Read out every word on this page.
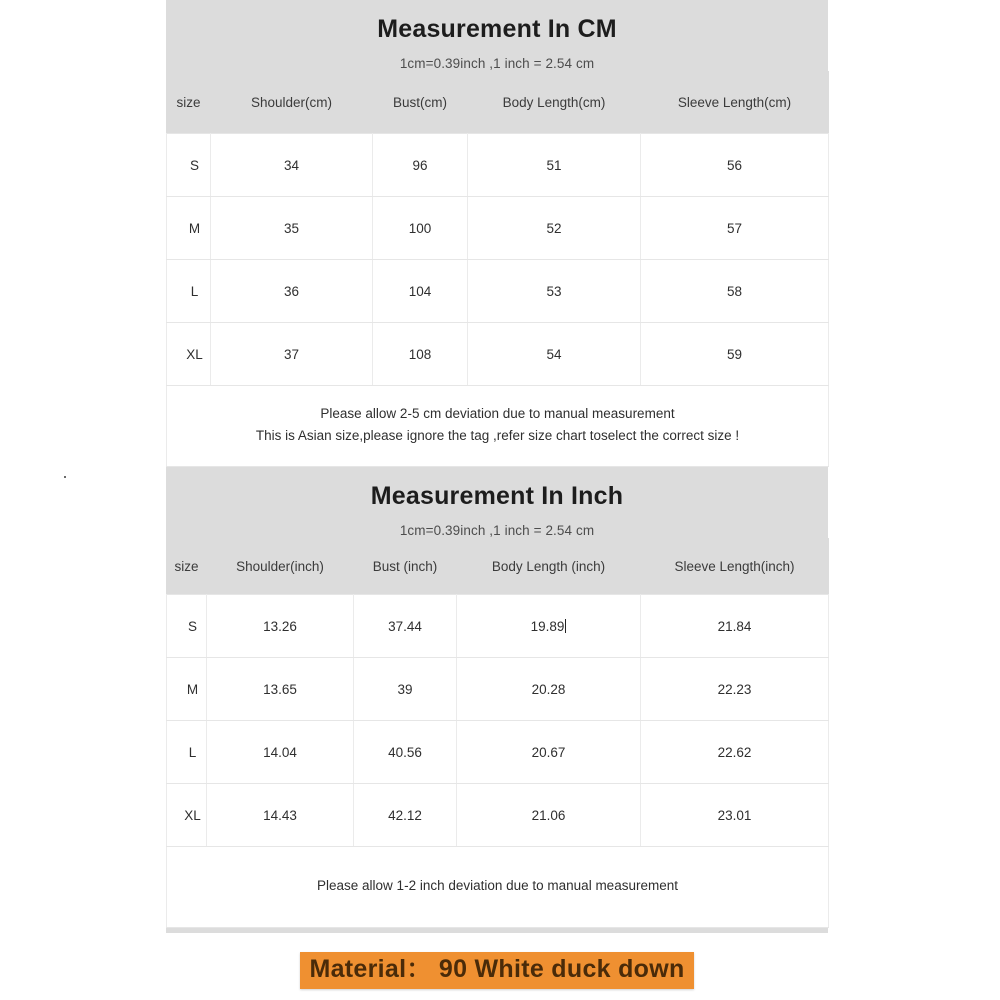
Measurement In CM
1cm=0.39inch ,1 inch = 2.54 cm
size	Shoulder(cm)	Bust(cm)	Body Length(cm)	Sleeve Length(cm)
S	34	96	51	56
M	35	100	52	57
L	36	104	53	58
XL	37	108	54	59

Please allow 2-5 cm deviation due to manual measurement
This is Asian size,please ignore the tag ,refer size chart toselect the correct size !				
Measurement In Inch
1cm=0.39inch ,1 inch = 2.54 cm
size	Shoulder(inch)	Bust (inch)	Body Length (inch)	Sleeve Length(inch)
S	13.26	37.44	19.89	21.84
M	13.65	39	20.28	22.23
L	14.04	40.56	20.67	22.62
XL	14.43	42.12	21.06	23.01

Please allow 1-2 inch deviation due to manual measurement				
Material： 90 White duck down
